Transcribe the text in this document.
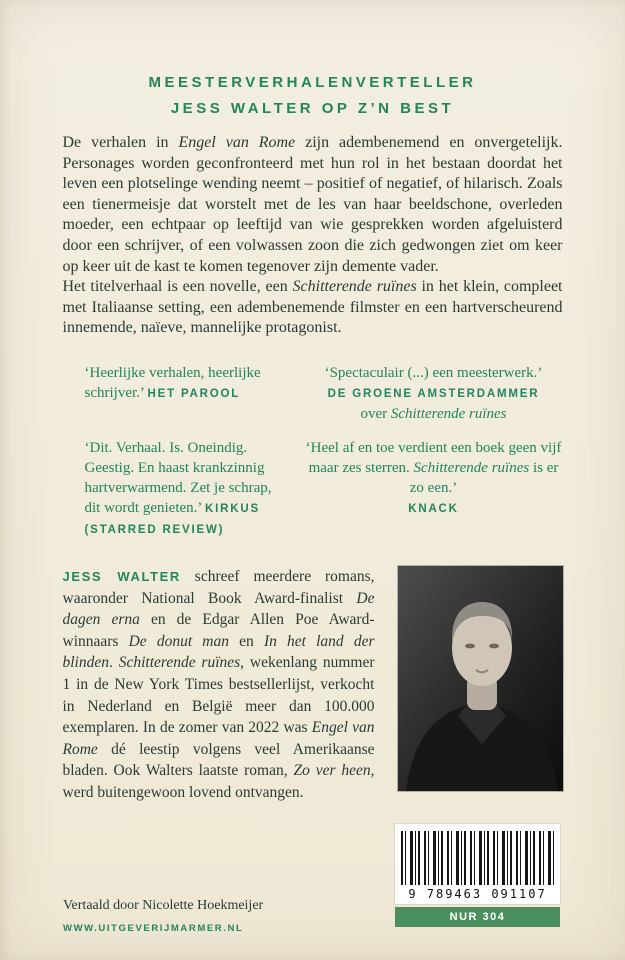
MEESTERVERHALENVERTELLER
JESS WALTER OP Z’N BEST

De verhalen in Engel van Rome zijn adembenemend en onvergetelijk. Personages worden geconfronteerd met hun rol in het bestaan doordat het leven een plotselinge wending neemt – positief of negatief, of hilarisch. Zoals een tienermeisje dat worstelt met de les van haar beeldschone, overleden moeder, een echtpaar op leeftijd van wie gesprekken worden afgeluisterd door een schrijver, of een volwassen zoon die zich gedwongen ziet om keer op keer uit de kast te komen tegenover zijn demente vader.

Het titelverhaal is een novelle, een Schitterende ruïnes in het klein, compleet met Italiaanse setting, een adembenemende filmster en een hartverscheurend innemende, naïeve, mannelijke protagonist.

‘Heerlijke verhalen, heerlijke schrijver.’ HET PAROOL

‘Spectaculair (...) een meesterwerk.’
DE GROENE AMSTERDAMMER
over Schitterende ruïnes

‘Dit. Verhaal. Is. Oneindig. Geestig. En haast krankzinnig hartverwarmend. Zet je schrap, dit wordt genieten.’ KIRKUS (STARRED REVIEW)

‘Heel af en toe verdient een boek geen vijf maar zes sterren. Schitterende ruïnes is er zo een.’
KNACK

JESS WALTER schreef meerdere romans, waaronder National Book Award-finalist De dagen erna en de Edgar Allen Poe Award-winnaars De donut man en In het land der blinden. Schitterende ruïnes, wekenlang nummer 1 in de New York Times bestsellerlijst, verkocht in Nederland en België meer dan 100.000 exemplaren. In de zomer van 2022 was Engel van Rome dé leestip volgens veel Amerikaanse bladen. Ook Walters laatste roman, Zo ver heen, werd buitengewoon lovend ontvangen.

Vertaald door Nicolette Hoekmeijer
WWW.UITGEVERIJMARMER.NL
9 789463 091107
NUR 304
